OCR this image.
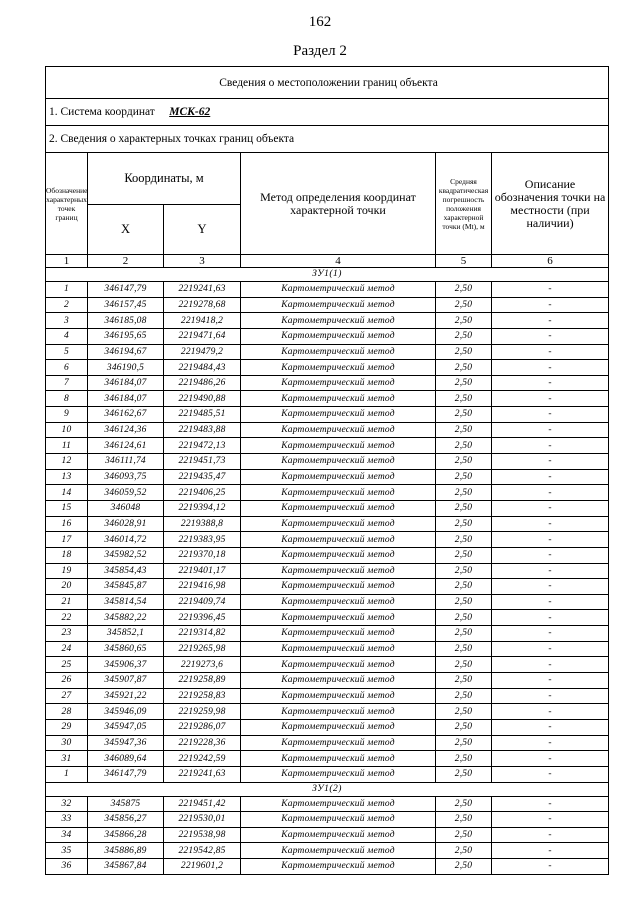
162
Раздел 2
Сведения о местоположении границ объекта					
1. Система координат МСК-62					
2. Сведения о характерных точках границ объекта					
Обозначение характерных точек границ	Координаты, м		Метод определения координат характерной точки	Средняя квадратическая погрешность положения характерной точки (Mt), м	Описание обозначения точки на местности (при наличии)
	X	Y			
1	2	3	4	5	6
ЗУ1(1)					
1	346147,79	2219241,63	Картометрический метод	2,50	-
2	346157,45	2219278,68	Картометрический метод	2,50	-
3	346185,08	2219418,2	Картометрический метод	2,50	-
4	346195,65	2219471,64	Картометрический метод	2,50	-
5	346194,67	2219479,2	Картометрический метод	2,50	-
6	346190,5	2219484,43	Картометрический метод	2,50	-
7	346184,07	2219486,26	Картометрический метод	2,50	-
8	346184,07	2219490,88	Картометрический метод	2,50	-
9	346162,67	2219485,51	Картометрический метод	2,50	-
10	346124,36	2219483,88	Картометрический метод	2,50	-
11	346124,61	2219472,13	Картометрический метод	2,50	-
12	346111,74	2219451,73	Картометрический метод	2,50	-
13	346093,75	2219435,47	Картометрический метод	2,50	-
14	346059,52	2219406,25	Картометрический метод	2,50	-
15	346048	2219394,12	Картометрический метод	2,50	-
16	346028,91	2219388,8	Картометрический метод	2,50	-
17	346014,72	2219383,95	Картометрический метод	2,50	-
18	345982,52	2219370,18	Картометрический метод	2,50	-
19	345854,43	2219401,17	Картометрический метод	2,50	-
20	345845,87	2219416,98	Картометрический метод	2,50	-
21	345814,54	2219409,74	Картометрический метод	2,50	-
22	345882,22	2219396,45	Картометрический метод	2,50	-
23	345852,1	2219314,82	Картометрический метод	2,50	-
24	345860,65	2219265,98	Картометрический метод	2,50	-
25	345906,37	2219273,6	Картометрический метод	2,50	-
26	345907,87	2219258,89	Картометрический метод	2,50	-
27	345921,22	2219258,83	Картометрический метод	2,50	-
28	345946,09	2219259,98	Картометрический метод	2,50	-
29	345947,05	2219286,07	Картометрический метод	2,50	-
30	345947,36	2219228,36	Картометрический метод	2,50	-
31	346089,64	2219242,59	Картометрический метод	2,50	-
1	346147,79	2219241,63	Картометрический метод	2,50	-
ЗУ1(2)					
32	345875	2219451,42	Картометрический метод	2,50	-
33	345856,27	2219530,01	Картометрический метод	2,50	-
34	345866,28	2219538,98	Картометрический метод	2,50	-
35	345886,89	2219542,85	Картометрический метод	2,50	-
36	345867,84	2219601,2	Картометрический метод	2,50	-
